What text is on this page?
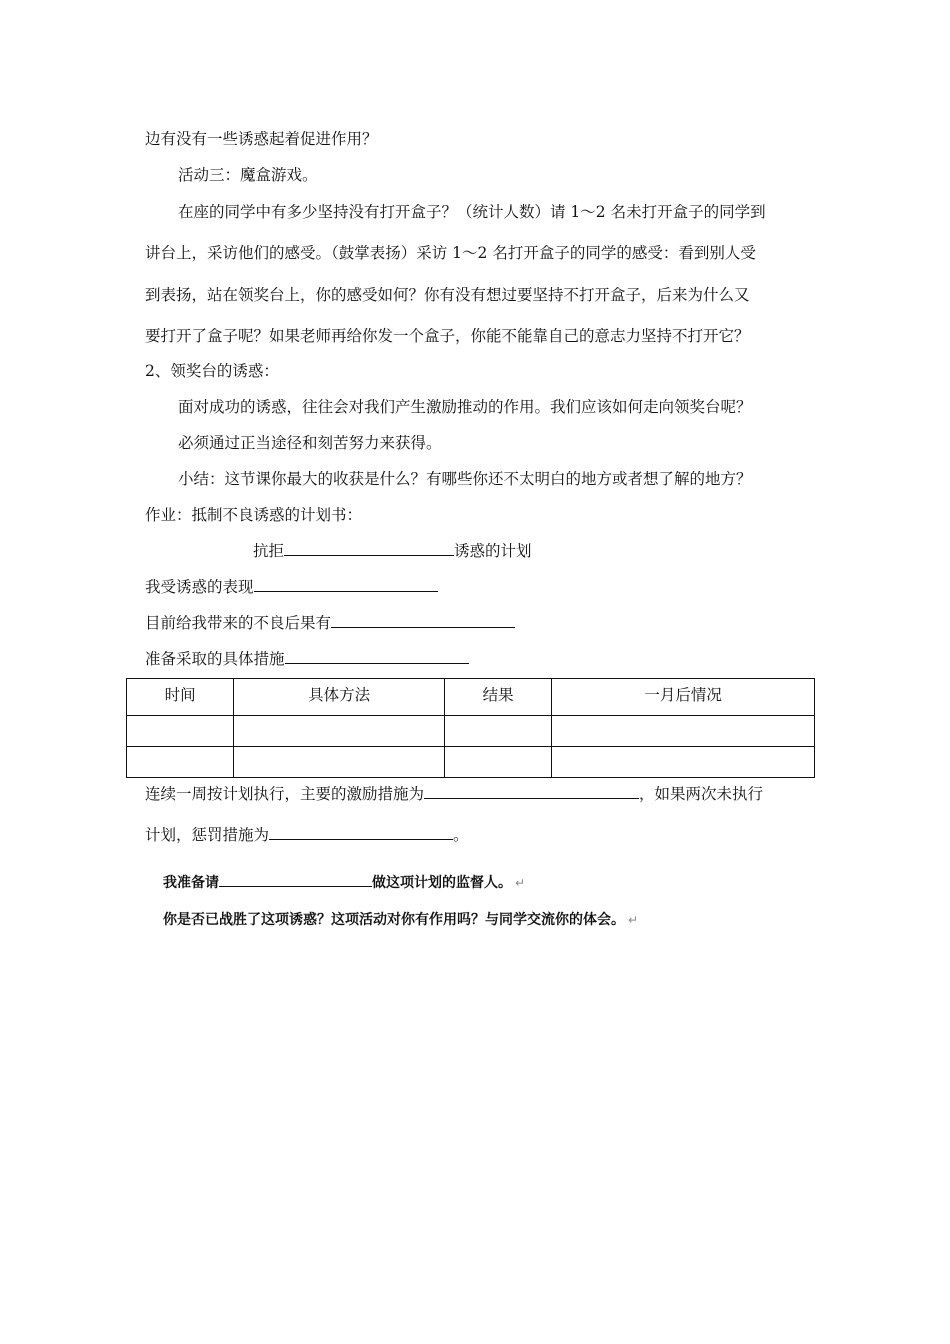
边有没有一些诱惑起着促进作用？
活动三：魔盒游戏。
在座的同学中有多少坚持没有打开盒子？（统计人数）请 1～2 名未打开盒子的同学到
讲台上，采访他们的感受。（鼓掌表扬）采访 1～2 名打开盒子的同学的感受：看到别人受
到表扬，站在领奖台上，你的感受如何？你有没有想过要坚持不打开盒子，后来为什么又
要打开了盒子呢？如果老师再给你发一个盒子，你能不能靠自己的意志力坚持不打开它？
2、领奖台的诱惑：
面对成功的诱惑，往往会对我们产生激励推动的作用。我们应该如何走向领奖台呢？
必须通过正当途径和刻苦努力来获得。
小结：这节课你最大的收获是什么？有哪些你还不太明白的地方或者想了解的地方？
作业：抵制不良诱惑的计划书：
抗拒	诱惑的计划
我受诱惑的表现
目前给我带来的不良后果有
准备采取的具体措施
时间	具体方法	结果	一月后情况

连续一周按计划执行，主要的激励措施为	，如果两次未执行
计划，惩罚措施为	。
我准备请	做这项计划的监督人。 ↵
你是否已战胜了这项诱惑？这项活动对你有作用吗？与同学交流你的体会。 ↵
